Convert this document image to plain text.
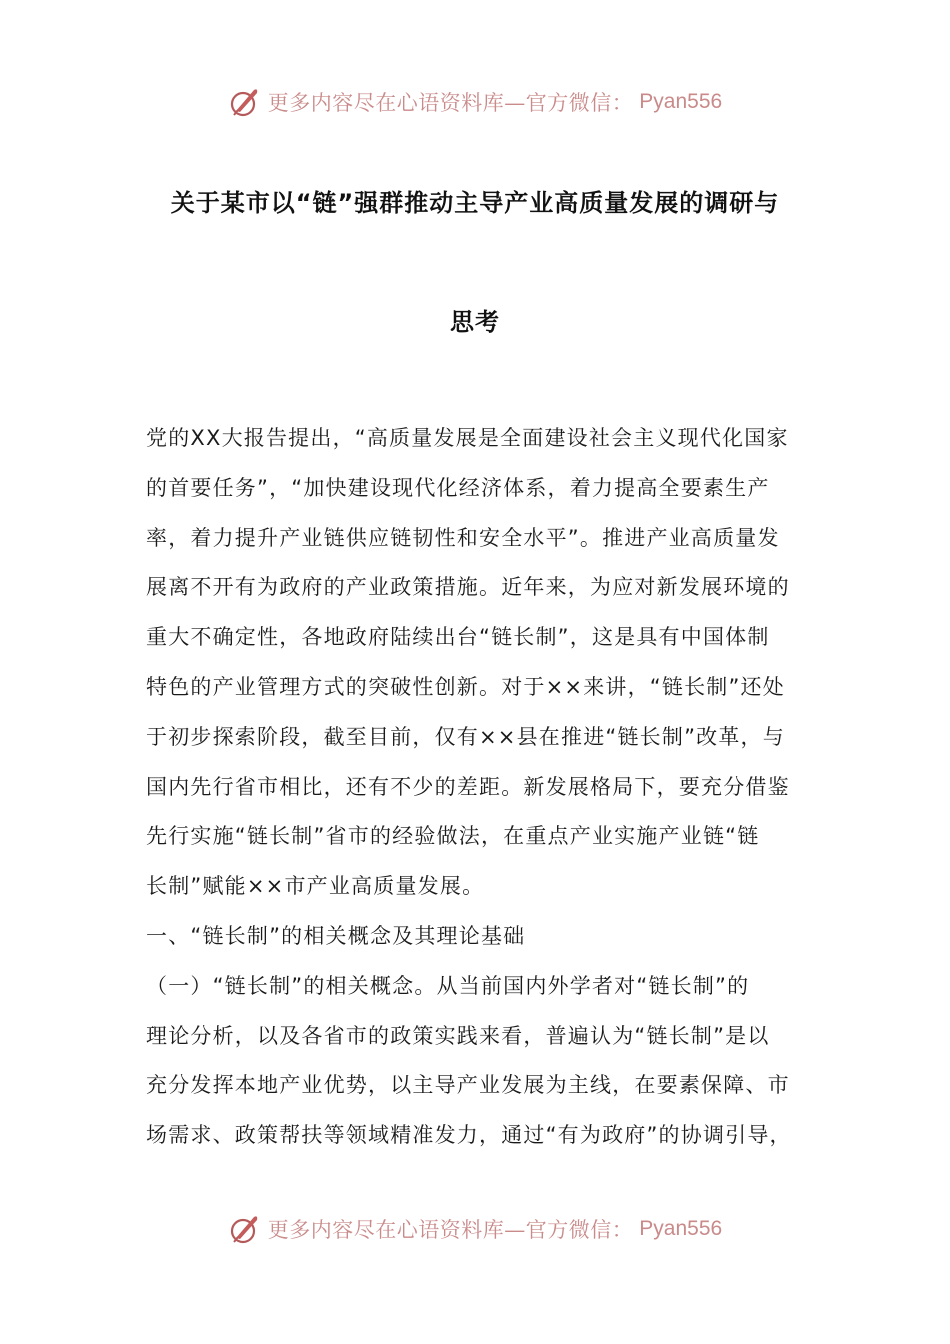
更多内容尽在心语资料库—官方微信： Pyan556
关于某市以“链”强群推动主导产业高质量发展的调研与
思考
党的XX大报告提出，“高质量发展是全面建设社会主义现代化国家
的首要任务”，“加快建设现代化经济体系，着力提高全要素生产
率，着力提升产业链供应链韧性和安全水平”。推进产业高质量发
展离不开有为政府的产业政策措施。近年来，为应对新发展环境的
重大不确定性，各地政府陆续出台“链长制”，这是具有中国体制
特色的产业管理方式的突破性创新。对于××来讲，“链长制”还处
于初步探索阶段，截至目前，仅有××县在推进“链长制”改革，与
国内先行省市相比，还有不少的差距。新发展格局下，要充分借鉴
先行实施“链长制”省市的经验做法，在重点产业实施产业链“链
长制”赋能××市产业高质量发展。
一、“链长制”的相关概念及其理论基础
（一）“链长制”的相关概念。从当前国内外学者对“链长制”的
理论分析，以及各省市的政策实践来看，普遍认为“链长制”是以
充分发挥本地产业优势，以主导产业发展为主线，在要素保障、市
场需求、政策帮扶等领域精准发力，通过“有为政府”的协调引导，
更多内容尽在心语资料库—官方微信： Pyan556
